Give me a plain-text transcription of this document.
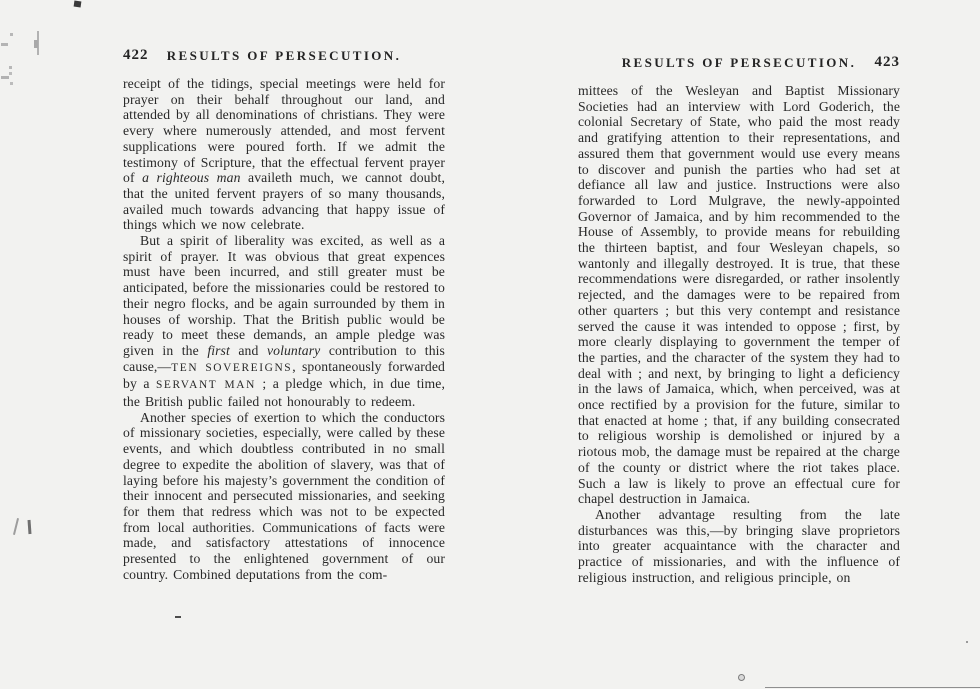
422	RESULTS OF PERSECUTION.

receipt of the tidings, special meetings were held for prayer on their behalf throughout our land, and attended by all denominations of christians. They were every where numerously attended, and most fervent supplications were poured forth. If we admit the testimony of Scripture, that the effectual fervent prayer of a righteous man availeth much, we cannot doubt, that the united fervent prayers of so many thousands, availed much towards advancing that happy issue of things which we now celebrate.

But a spirit of liberality was excited, as well as a spirit of prayer. It was obvious that great expences must have been incurred, and still greater must be anticipated, before the missionaries could be restored to their negro flocks, and be again surrounded by them in houses of worship. That the British public would be ready to meet these demands, an ample pledge was given in the first and voluntary contribution to this cause,—TEN SOVEREIGNS, spontaneously forwarded by a SERVANT MAN ; a pledge which, in due time, the British public failed not honourably to redeem.

Another species of exertion to which the conductors of missionary societies, especially, were called by these events, and which doubtless contributed in no small degree to expedite the abolition of slavery, was that of laying before his majesty’s government the condition of their innocent and persecuted missionaries, and seeking for them that redress which was not to be expected from local authorities. Communications of facts were made, and satisfactory attestations of innocence presented to the enlightened government of our country. Combined deputations from the com-

RESULTS OF PERSECUTION.	423

mittees of the Wesleyan and Baptist Missionary Societies had an interview with Lord Goderich, the colonial Secretary of State, who paid the most ready and gratifying attention to their representations, and assured them that government would use every means to discover and punish the parties who had set at defiance all law and justice. Instructions were also forwarded to Lord Mulgrave, the newly-appointed Governor of Jamaica, and by him recommended to the House of Assembly, to provide means for rebuilding the thirteen baptist, and four Wesleyan chapels, so wantonly and illegally destroyed. It is true, that these recommendations were disregarded, or rather insolently rejected, and the damages were to be repaired from other quarters ; but this very contempt and resistance served the cause it was intended to oppose ; first, by more clearly displaying to government the temper of the parties, and the character of the system they had to deal with ; and next, by bringing to light a deficiency in the laws of Jamaica, which, when perceived, was at once rectified by a provision for the future, similar to that enacted at home ; that, if any building consecrated to religious worship is demolished or injured by a riotous mob, the damage must be repaired at the charge of the county or district where the riot takes place. Such a law is likely to prove an effectual cure for chapel destruction in Jamaica.

Another advantage resulting from the late disturbances was this,—by bringing slave proprietors into greater acquaintance with the character and practice of missionaries, and with the influence of religious instruction, and religious principle, on
